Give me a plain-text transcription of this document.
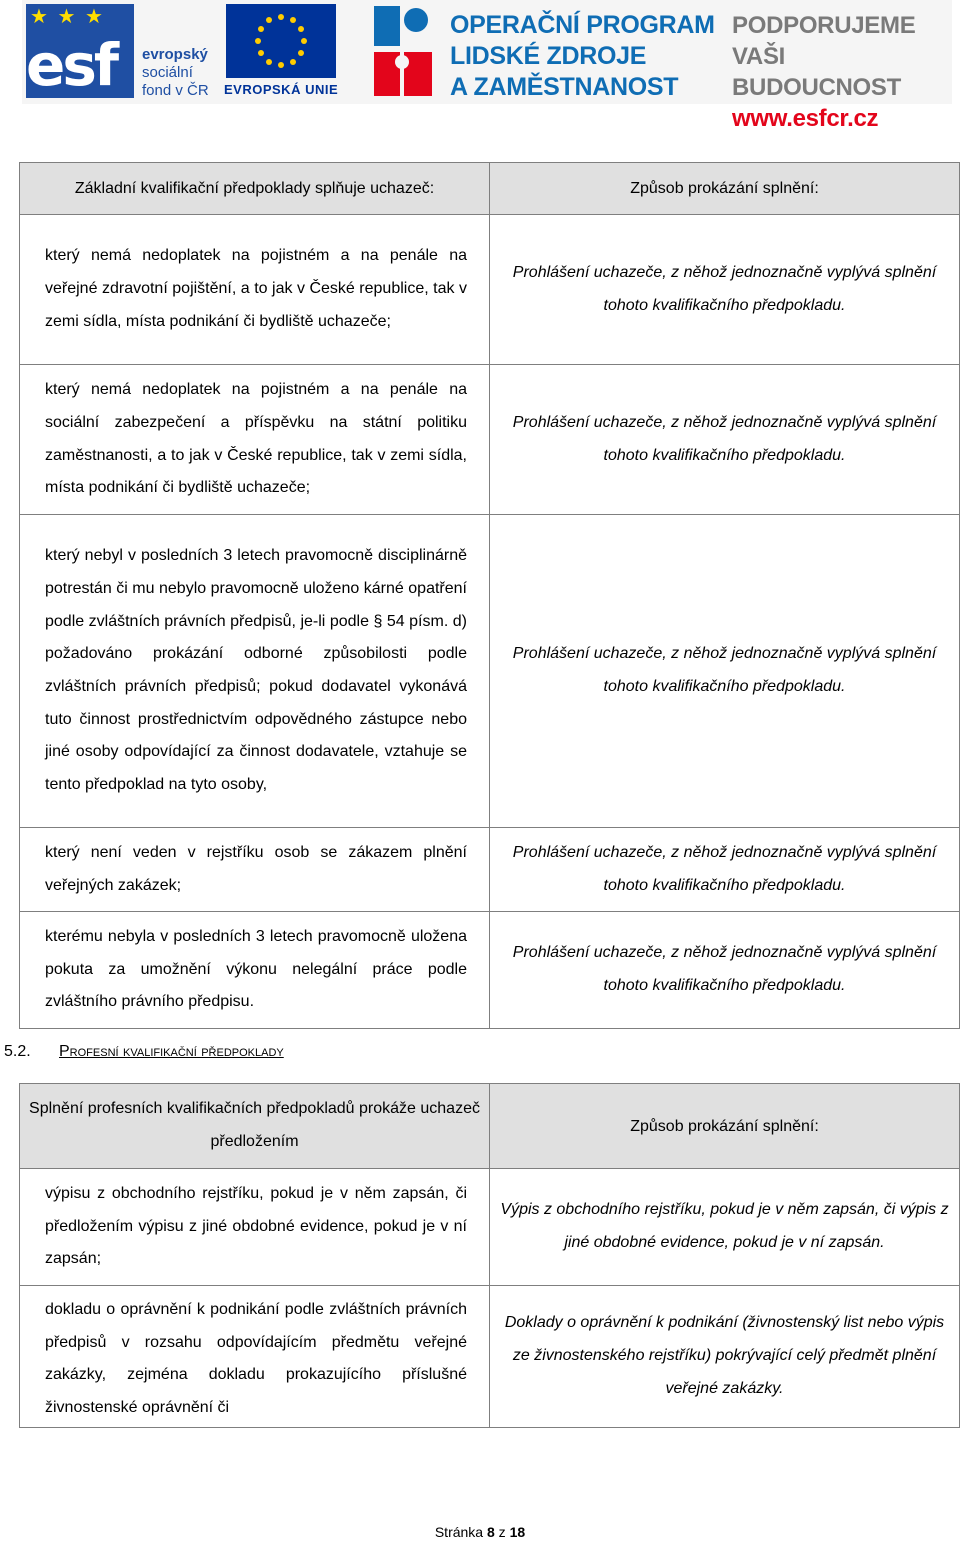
★ ★ ★
esf evropský
sociální
fond v ČR EVROPSKÁ UNIE
OPERAČNÍ PROGRAM
LIDSKÉ ZDROJE
A ZAMĚSTNANOST
PODPORUJEME
VAŠI BUDOUCNOST
www.esfcr.cz
Základní kvalifikační předpoklady splňuje uchazeč:	Způsob prokázání splnění:

který nemá nedoplatek na pojistném a na penále na veřejné zdravotní pojištění, a to jak v České republice, tak v zemi sídla, místa podnikání či bydliště uchazeče;	Prohlášení uchazeče, z něhož jednoznačně vyplývá splnění tohoto kvalifikačního předpokladu.

který nemá nedoplatek na pojistném a na penále na sociální zabezpečení a příspěvku na státní politiku zaměstnanosti, a to jak v České republice, tak v zemi sídla, místa podnikání či bydliště uchazeče;	Prohlášení uchazeče, z něhož jednoznačně vyplývá splnění tohoto kvalifikačního předpokladu.

který nebyl v posledních 3 letech pravomocně disciplinárně potrestán či mu nebylo pravomocně uloženo kárné opatření podle zvláštních právních předpisů, je-li podle § 54 písm. d) požadováno prokázání odborné způsobilosti podle zvláštních právních předpisů; pokud dodavatel vykonává tuto činnost prostřednictvím odpovědného zástupce nebo jiné osoby odpovídající za činnost dodavatele, vztahuje se tento předpoklad na tyto osoby,	Prohlášení uchazeče, z něhož jednoznačně vyplývá splnění tohoto kvalifikačního předpokladu.

který není veden v rejstříku osob se zákazem plnění veřejných zakázek;	Prohlášení uchazeče, z něhož jednoznačně vyplývá splnění tohoto kvalifikačního předpokladu.

kterému nebyla v posledních 3 letech pravomocně uložena pokuta za umožnění výkonu nelegální práce podle zvláštního právního předpisu.	Prohlášení uchazeče, z něhož jednoznačně vyplývá splnění tohoto kvalifikačního předpokladu.
5.2. Profesní kvalifikační předpoklady
Splnění profesních kvalifikačních předpokladů prokáže uchazeč předložením	Způsob prokázání splnění:

výpisu z obchodního rejstříku, pokud je v něm zapsán, či předložením výpisu z jiné obdobné evidence, pokud je v ní zapsán;	Výpis z obchodního rejstříku, pokud je v něm zapsán, či výpis z jiné obdobné evidence, pokud je v ní zapsán.

dokladu o oprávnění k podnikání podle zvláštních právních předpisů v rozsahu odpovídajícím předmětu veřejné zakázky, zejména dokladu prokazujícího příslušné živnostenské oprávnění či	Doklady o oprávnění k podnikání (živnostenský list nebo výpis ze živnostenského rejstříku) pokrývající celý předmět plnění veřejné zakázky.
Stránka 8 z 18
